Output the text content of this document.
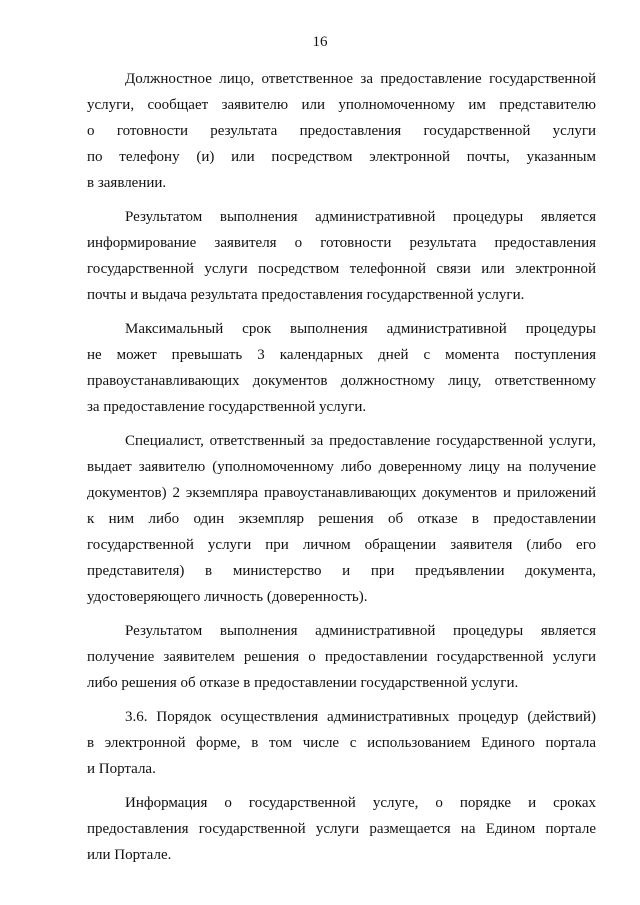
16
Должностное лицо, ответственное за предоставление государственной
услуги, сообщает заявителю или уполномоченному им представителю
о готовности результата предоставления государственной услуги
по телефону (и) или посредством электронной почты, указанным
в заявлении.
Результатом выполнения административной процедуры является
информирование заявителя о готовности результата предоставления
государственной услуги посредством телефонной связи или электронной
почты и выдача результата предоставления государственной услуги.
Максимальный срок выполнения административной процедуры
не может превышать 3 календарных дней с момента поступления
правоустанавливающих документов должностному лицу, ответственному
за предоставление государственной услуги.
Специалист, ответственный за предоставление государственной услуги,
выдает заявителю (уполномоченному либо доверенному лицу на получение
документов) 2 экземпляра правоустанавливающих документов и приложений
к ним либо один экземпляр решения об отказе в предоставлении
государственной услуги при личном обращении заявителя (либо его
представителя) в министерство и при предъявлении документа,
удостоверяющего личность (доверенность).
Результатом выполнения административной процедуры является
получение заявителем решения о предоставлении государственной услуги
либо решения об отказе в предоставлении государственной услуги.
3.6. Порядок осуществления административных процедур (действий)
в электронной форме, в том числе с использованием Единого портала
и Портала.
Информация о государственной услуге, о порядке и сроках
предоставления государственной услуги размещается на Едином портале
или Портале.
